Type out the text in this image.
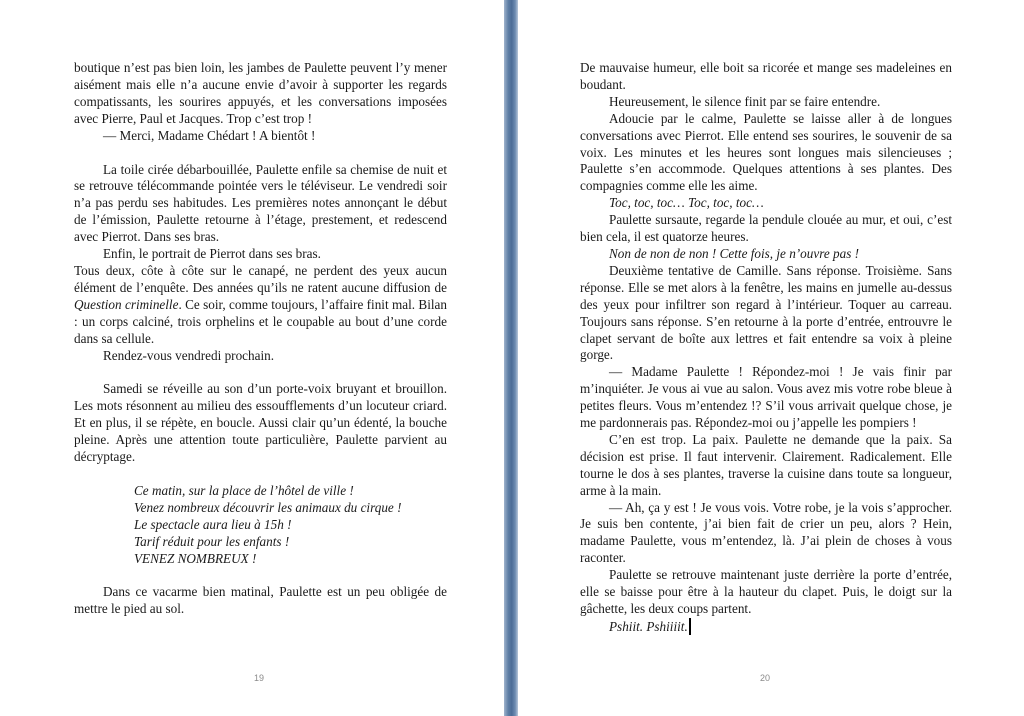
boutique n’est pas bien loin, les jambes de Paulette peuvent l’y mener aisément mais elle n’a aucune envie d’avoir à supporter les regards compatissants, les sourires appuyés, et les conversations imposées avec Pierre, Paul et Jacques. Trop c’est trop !

— Merci, Madame Chédart ! A bientôt !

La toile cirée débarbouillée, Paulette enfile sa chemise de nuit et se retrouve télécommande pointée vers le téléviseur. Le vendredi soir n’a pas perdu ses habitudes. Les premières notes annonçant le début de l’émission, Paulette retourne à l’étage, prestement, et redescend avec Pierrot. Dans ses bras.

Enfin, le portrait de Pierrot dans ses bras.

Tous deux, côte à côte sur le canapé, ne perdent des yeux aucun élément de l’enquête. Des années qu’ils ne ratent aucune diffusion de Question criminelle. Ce soir, comme toujours, l’affaire finit mal. Bilan : un corps calciné, trois orphelins et le coupable au bout d’une corde dans sa cellule.

Rendez-vous vendredi prochain.

Samedi se réveille au son d’un porte-voix bruyant et brouillon. Les mots résonnent au milieu des essoufflements d’un locuteur criard. Et en plus, il se répète, en boucle. Aussi clair qu’un édenté, la bouche pleine. Après une attention toute particulière, Paulette parvient au décryptage.

Ce matin, sur la place de l’hôtel de ville !
Venez nombreux découvrir les animaux du cirque !
Le spectacle aura lieu à 15h !
Tarif réduit pour les enfants !
VENEZ NOMBREUX !

Dans ce vacarme bien matinal, Paulette est un peu obligée de mettre le pied au sol.

19

De mauvaise humeur, elle boit sa ricorée et mange ses madeleines en boudant.

Heureusement, le silence finit par se faire entendre.

Adoucie par le calme, Paulette se laisse aller à de longues conversations avec Pierrot. Elle entend ses sourires, le souvenir de sa voix. Les minutes et les heures sont longues mais silencieuses ; Paulette s’en accommode. Quelques attentions à ses plantes. Des compagnies comme elle les aime.

Toc, toc, toc… Toc, toc, toc…

Paulette sursaute, regarde la pendule clouée au mur, et oui, c’est bien cela, il est quatorze heures.

Non de non de non ! Cette fois, je n’ouvre pas !

Deuxième tentative de Camille. Sans réponse. Troisième. Sans réponse. Elle se met alors à la fenêtre, les mains en jumelle au-dessus des yeux pour infiltrer son regard à l’intérieur. Toquer au carreau. Toujours sans réponse. S’en retourne à la porte d’entrée, entrouvre le clapet servant de boîte aux lettres et fait entendre sa voix à pleine gorge.

— Madame Paulette ! Répondez-moi ! Je vais finir par m’inquiéter. Je vous ai vue au salon. Vous avez mis votre robe bleue à petites fleurs. Vous m’entendez !? S’il vous arrivait quelque chose, je me pardonnerais pas. Répondez-moi ou j’appelle les pompiers !

C’en est trop. La paix. Paulette ne demande que la paix. Sa décision est prise. Il faut intervenir. Clairement. Radicalement. Elle tourne le dos à ses plantes, traverse la cuisine dans toute sa longueur, arme à la main.

— Ah, ça y est ! Je vous vois. Votre robe, je la vois s’approcher. Je suis ben contente, j’ai bien fait de crier un peu, alors ? Hein, madame Paulette, vous m’entendez, là. J’ai plein de choses à vous raconter.

Paulette se retrouve maintenant juste derrière la porte d’entrée, elle se baisse pour être à la hauteur du clapet. Puis, le doigt sur la gâchette, les deux coups partent.

Pshiit. Pshiiiit.

20
